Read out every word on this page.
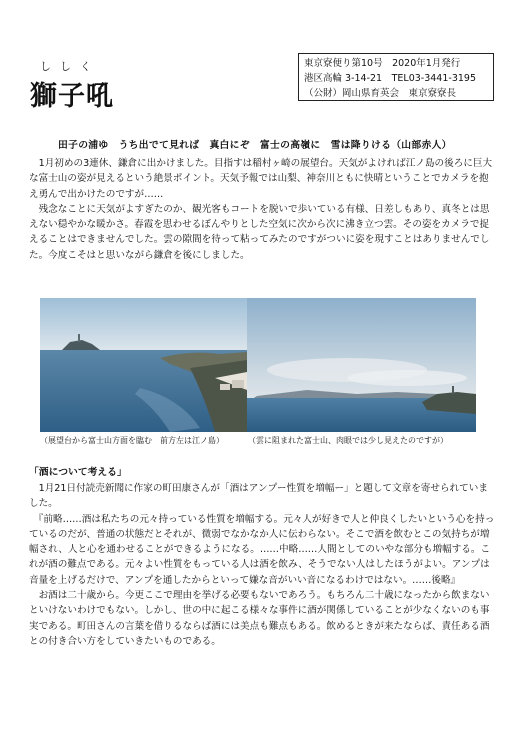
ししく
獅子吼
東京寮便り第10号　2020年1月発行
港区高輪 3-14-21　TEL03-3441-3195
（公財）岡山県育英会　東京寮寮長
田子の浦ゆ　うち出でて見れば　真白にぞ　富士の高嶺に　雪は降りける（山部赤人）

　1月初めの3連休、鎌倉に出かけました。目指すは稲村ヶ崎の展望台。天気がよければ江ノ島の後ろに巨大な富士山の姿が見えるという絶景ポイント。天気予報では山梨、神奈川ともに快晴ということでカメラを抱え勇んで出かけたのですが……

　残念なことに天気がよすぎたのか、観光客もコートを脱いで歩いている有様、日差しもあり、真冬とは思えない穏やかな暖かさ。春霞を思わせるぼんやりとした空気に次から次に沸き立つ雲。その姿をカメラで捉えることはできませんでした。雲の隙間を待って粘ってみたのですがついに姿を現すことはありませんでした。今度こそはと思いながら鎌倉を後にしました。

（展望台から富士山方面を臨む　前方左は江ノ島）	（雲に阻まれた富士山、肉眼では少し見えたのですが）
「酒について考える」

　1月21日付読売新聞に作家の町田康さんが「酒はアンプー性質を増幅ー」と題して文章を寄せられていました。

　『前略……酒は私たちの元々持っている性質を増幅する。元々人が好きで人と仲良くしたいという心を持っているのだが、普通の状態だとそれが、微弱でなかなか人に伝わらない。そこで酒を飲むとこの気持ちが増幅され、人と心を通わせることができるようになる。……中略……人間としてのいやな部分も増幅する。これが酒の難点である。元々よい性質をもっている人は酒を飲み、そうでない人はしたほうがよい。アンプは音量を上げるだけで、アンプを通したからといって嫌な音がいい音になるわけではない。……後略』

　お酒は二十歳から。今更ここで理由を挙げる必要もないであろう。もちろん二十歳になったから飲まないといけないわけでもない。しかし、世の中に起こる様々な事件に酒が関係していることが少なくないのも事実である。町田さんの言葉を借りるならば酒には美点も難点もある。飲めるときが来たならば、責任ある酒との付き合い方をしていきたいものである。
